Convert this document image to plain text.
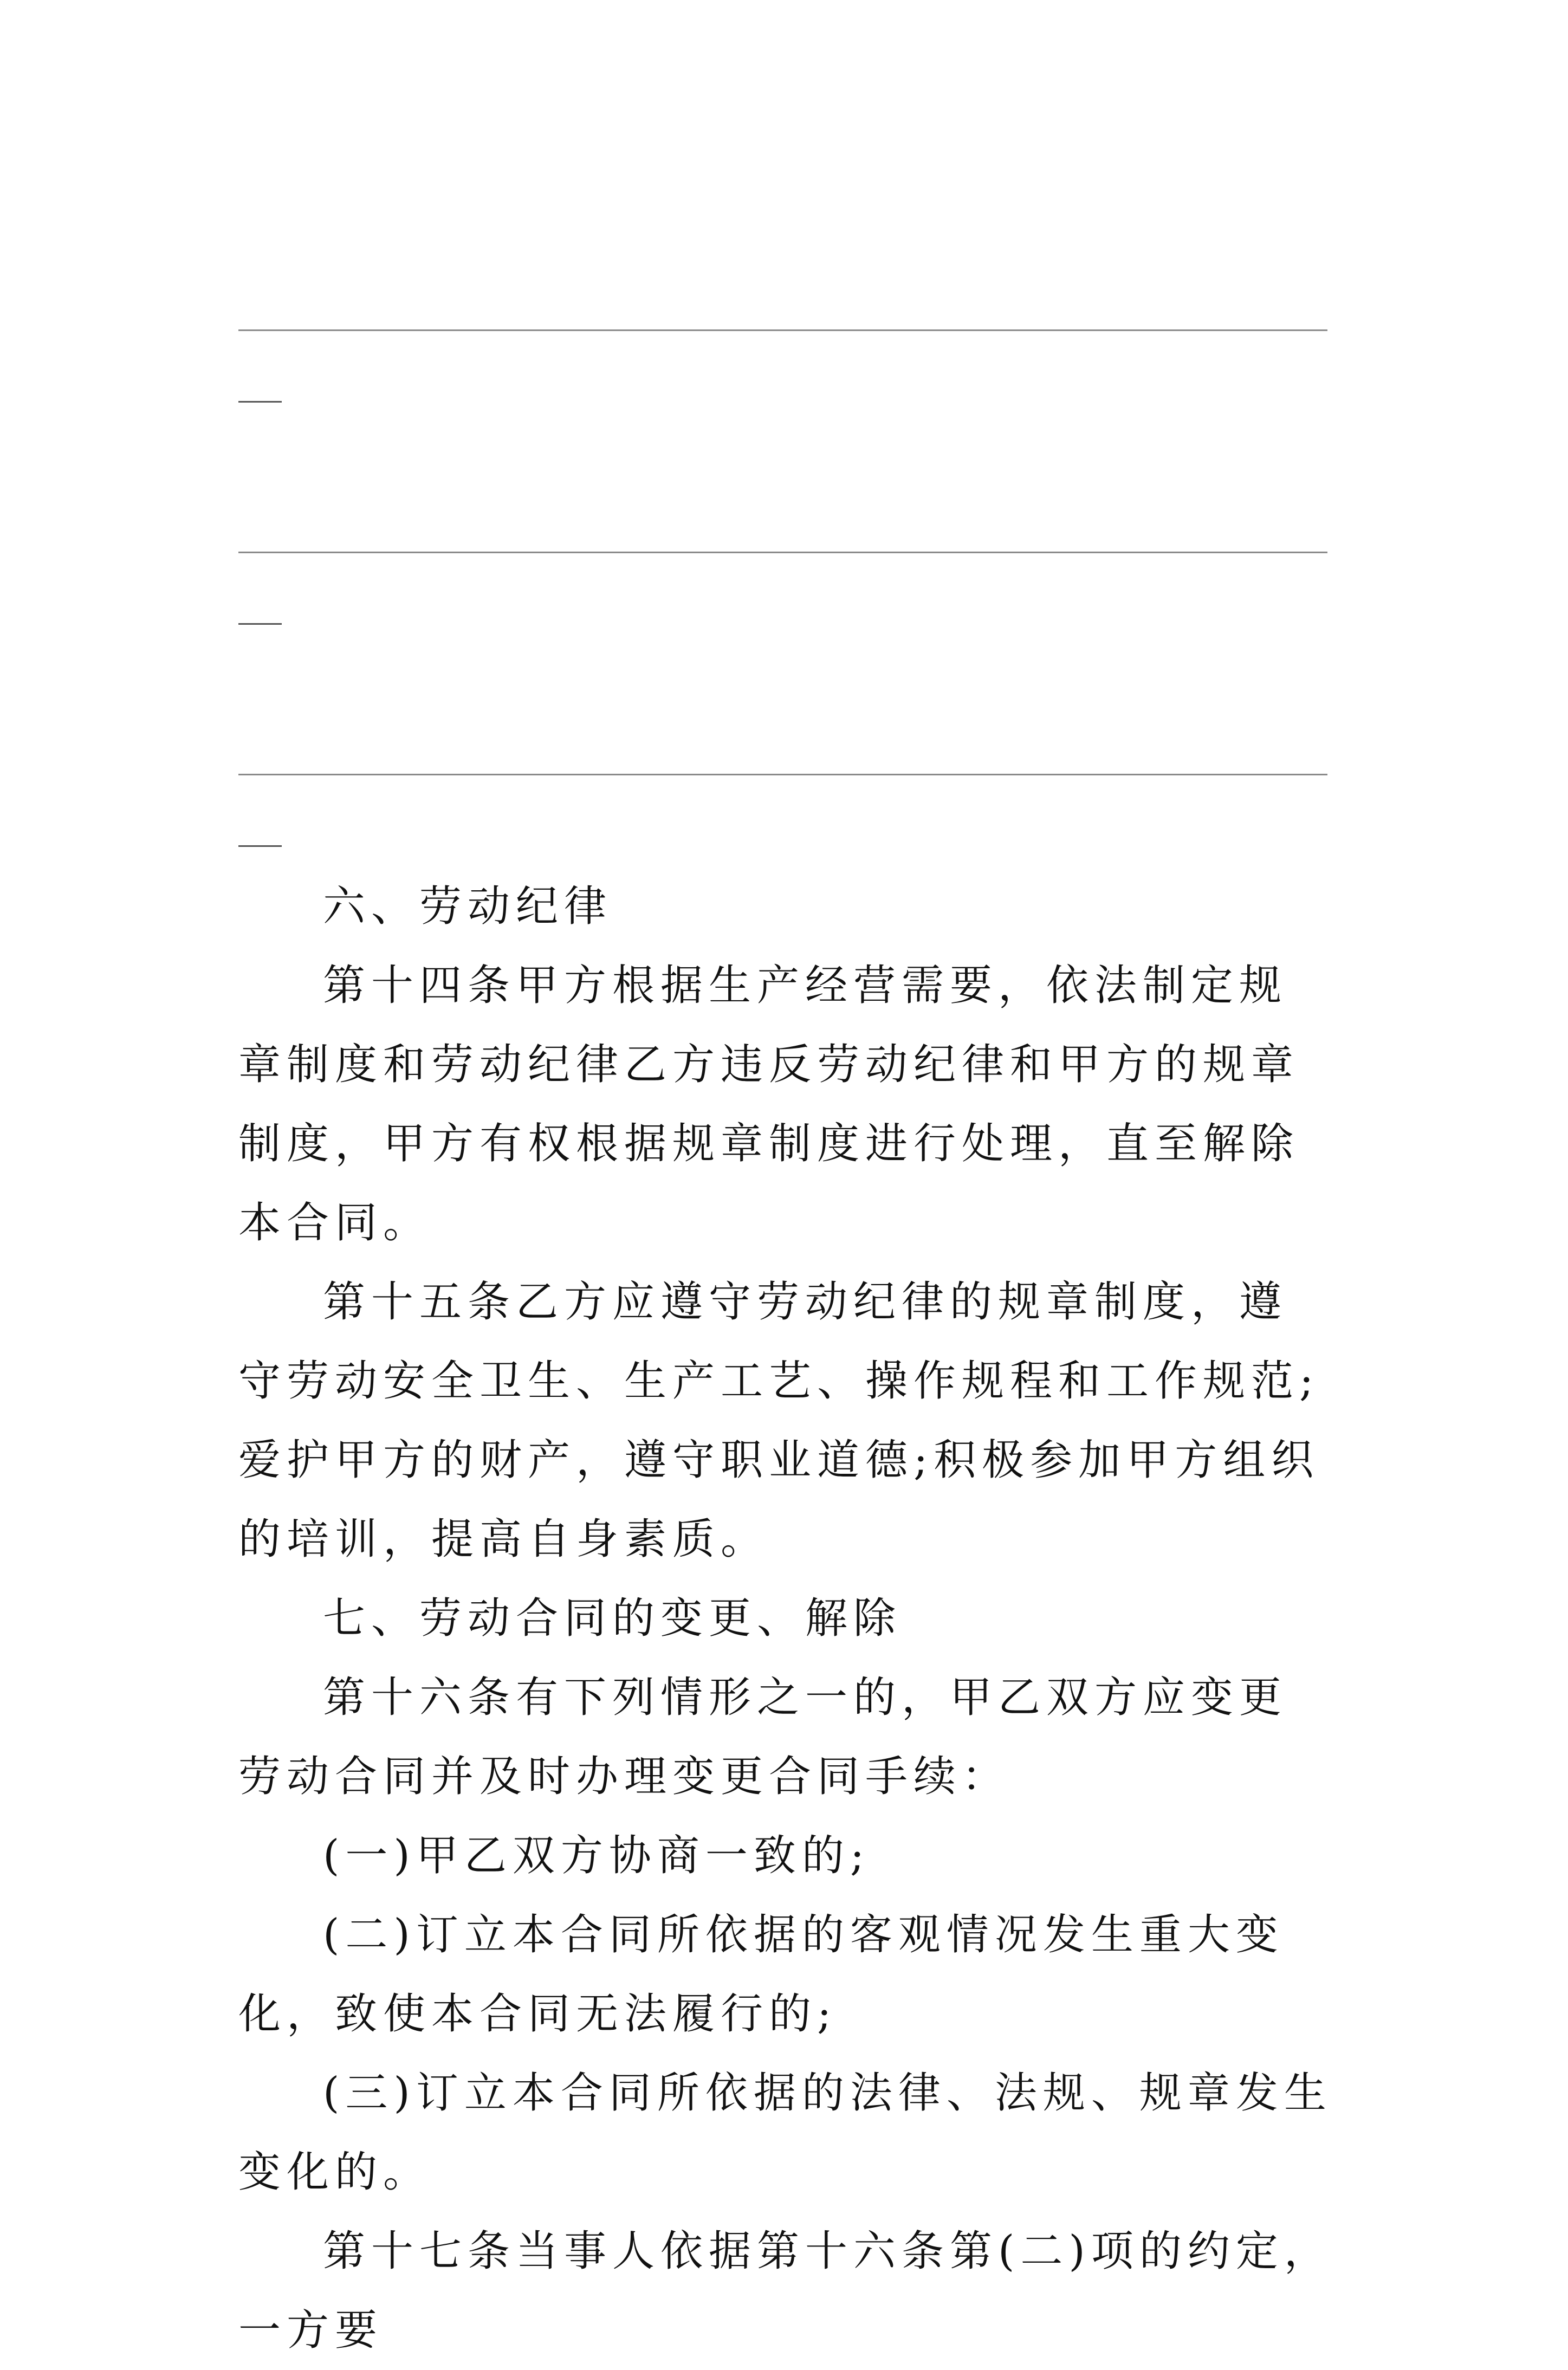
六、劳动纪律

第十四条甲方根据生产经营需要，依法制定规章制度和劳动纪律乙方违反劳动纪律和甲方的规章制度，甲方有权根据规章制度进行处理，直至解除本合同。

第十五条乙方应遵守劳动纪律的规章制度，遵守劳动安全卫生、生产工艺、操作规程和工作规范;爱护甲方的财产，遵守职业道德;积极参加甲方组织的培训，提高自身素质。

七、劳动合同的变更、解除

第十六条有下列情形之一的，甲乙双方应变更劳动合同并及时办理变更合同手续：

(一)甲乙双方协商一致的;

(二)订立本合同所依据的客观情况发生重大变化，致使本合同无法履行的;

(三)订立本合同所依据的法律、法规、规章发生变化的。

第十七条当事人依据第十六条第(二)项的约定，一方要
